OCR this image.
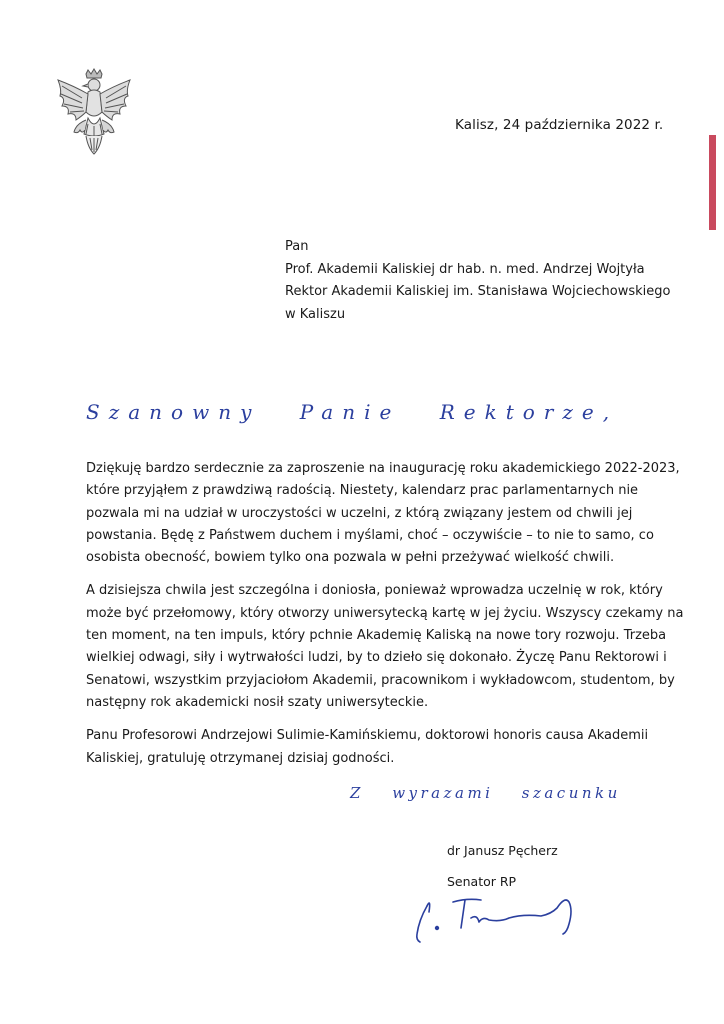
Kalisz, 24 października 2022 r.
Pan
Prof. Akademii Kaliskiej dr hab. n. med. Andrzej Wojtyła
Rektor Akademii Kaliskiej im. Stanisława Wojciechowskiego
w Kaliszu
Szanowny Panie Rektorze,

Dziękuję bardzo serdecznie za zaproszenie na inaugurację roku akademickiego 2022-2023,
które przyjąłem z prawdziwą radością. Niestety, kalendarz prac parlamentarnych nie
pozwala mi na udział w uroczystości w uczelni, z którą związany jestem od chwili jej
powstania. Będę z Państwem duchem i myślami, choć – oczywiście – to nie to samo, co
osobista obecność, bowiem tylko ona pozwala w pełni przeżywać wielkość chwili.

A dzisiejsza chwila jest szczególna i doniosła, ponieważ wprowadza uczelnię w rok, który
może być przełomowy, który otworzy uniwersytecką kartę w jej życiu. Wszyscy czekamy na
ten moment, na ten impuls, który pchnie Akademię Kaliską na nowe tory rozwoju. Trzeba
wielkiej odwagi, siły i wytrwałości ludzi, by to dzieło się dokonało. Życzę Panu Rektorowi i
Senatowi, wszystkim przyjaciołom Akademii, pracownikom i wykładowcom, studentom, by
następny rok akademicki nosił szaty uniwersyteckie.

Panu Profesorowi Andrzejowi Sulimie-Kamińskiemu, doktorowi honoris causa Akademii
Kaliskiej, gratuluję otrzymanej dzisiaj godności.

Z wyrazami szacunku
dr Janusz Pęcherz
Senator RP
